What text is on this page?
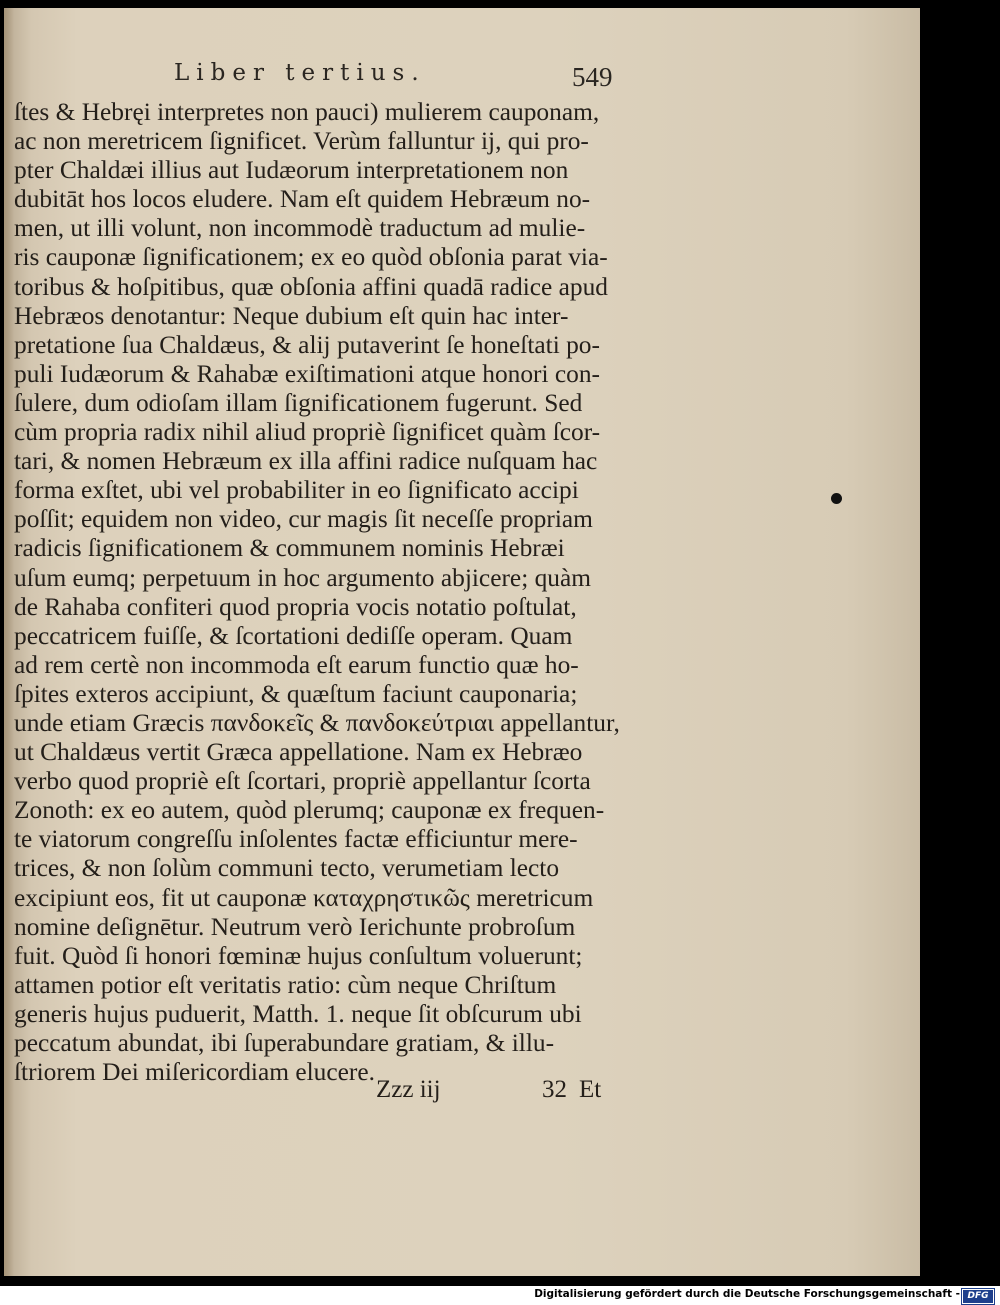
Liber tertius.	549
ſtes & Hebręi interpretes non pauci) mulierem cauponam,
ac non meretricem ſignificet. Verùm falluntur ij, qui pro-
pter Chaldæi illius aut Iudæorum interpretationem non
dubitāt hos locos eludere. Nam eſt quidem Hebræum no-
men, ut illi volunt, non incommodè traductum ad mulie-
ris cauponæ ſignificationem; ex eo quòd obſonia parat via-
toribus & hoſpitibus, quæ obſonia affini quadā radice apud
Hebræos denotantur: Neque dubium eſt quin hac inter-
pretatione ſua Chaldæus, & alij putaverint ſe honeſtati po-
puli Iudæorum & Rahabæ exiſtimationi atque honori con-
ſulere, dum odioſam illam ſignificationem fugerunt. Sed
cùm propria radix nihil aliud propriè ſignificet quàm ſcor-
tari, & nomen Hebræum ex illa affini radice nuſquam hac
forma exſtet, ubi vel probabiliter in eo ſignificato accipi
poſſit; equidem non video, cur magis ſit neceſſe propriam
radicis ſignificationem & communem nominis Hebræi
uſum eumq; perpetuum in hoc argumento abjicere; quàm
de Rahaba confiteri quod propria vocis notatio poſtulat,
peccatricem fuiſſe, & ſcortationi dediſſe operam. Quam
ad rem certè non incommoda eſt earum functio quæ ho-
ſpites exteros accipiunt, & quæſtum faciunt cauponaria;
unde etiam Græcis πανδοκεῖς & πανδοκεύτριαι appellantur,
ut Chaldæus vertit Græca appellatione. Nam ex Hebræo
verbo quod propriè eſt ſcortari, propriè appellantur ſcorta
Zonoth: ex eo autem, quòd plerumq; cauponæ ex frequen-
te viatorum congreſſu inſolentes factæ efficiuntur mere-
trices, & non ſolùm communi tecto, verumetiam lecto
excipiunt eos, fit ut cauponæ καταχρηστικῶς meretricum
nomine deſignētur. Neutrum verò Ierichunte probroſum
fuit. Quòd ſi honori fœminæ hujus conſultum voluerunt;
attamen potior eſt veritatis ratio: cùm neque Chriſtum
generis hujus puduerit, Matth. 1. neque ſit obſcurum ubi
peccatum abundat, ibi ſuperabundare gratiam, & illu-
ſtriorem Dei miſericordiam elucere.
Zzz iij	32 Et
Digitalisierung gefördert durch die Deutsche Forschungsgemeinschaft - DFG
